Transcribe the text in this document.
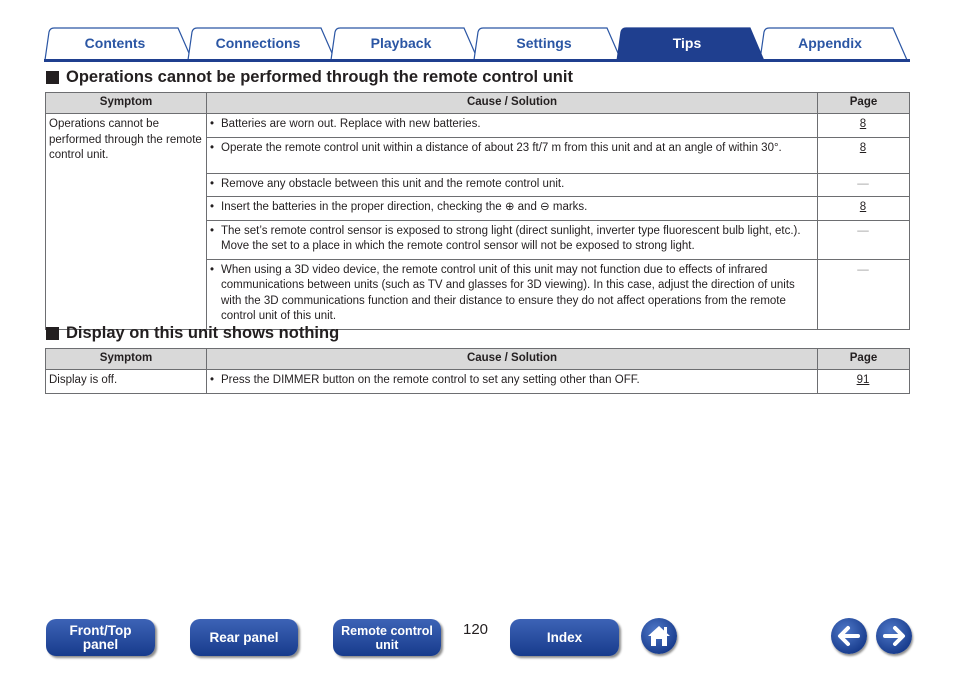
Contents	Connections	Playback	Settings	Tips	Appendix
Operations cannot be performed through the remote control unit
Symptom	Cause / Solution	Page
Operations cannot be performed through the remote control unit.	• Batteries are worn out. Replace with new batteries.	8

	• Operate the remote control unit within a distance of about 23 ft/7 m from this unit and at an angle of within 30°.	8

	• Remove any obstacle between this unit and the remote control unit.	—

	• Insert the batteries in the proper direction, checking the ⊕ and ⊖ marks.	8

	• The set’s remote control sensor is exposed to strong light (direct sunlight, inverter type fluorescent bulb light, etc.). Move the set to a place in which the remote control sensor will not be exposed to strong light.	—

	• When using a 3D video device, the remote control unit of this unit may not function due to effects of infrared communications between units (such as TV and glasses for 3D viewing). In this case, adjust the direction of units with the 3D communications function and their distance to ensure they do not affect operations from the remote control unit of this unit.	—
Display on this unit shows nothing
Symptom	Cause / Solution	Page
Display is off.	• Press the DIMMER button on the remote control to set any setting other than OFF.	91
Front/Top
panel	Rear panel	Remote control
unit
120	Index
